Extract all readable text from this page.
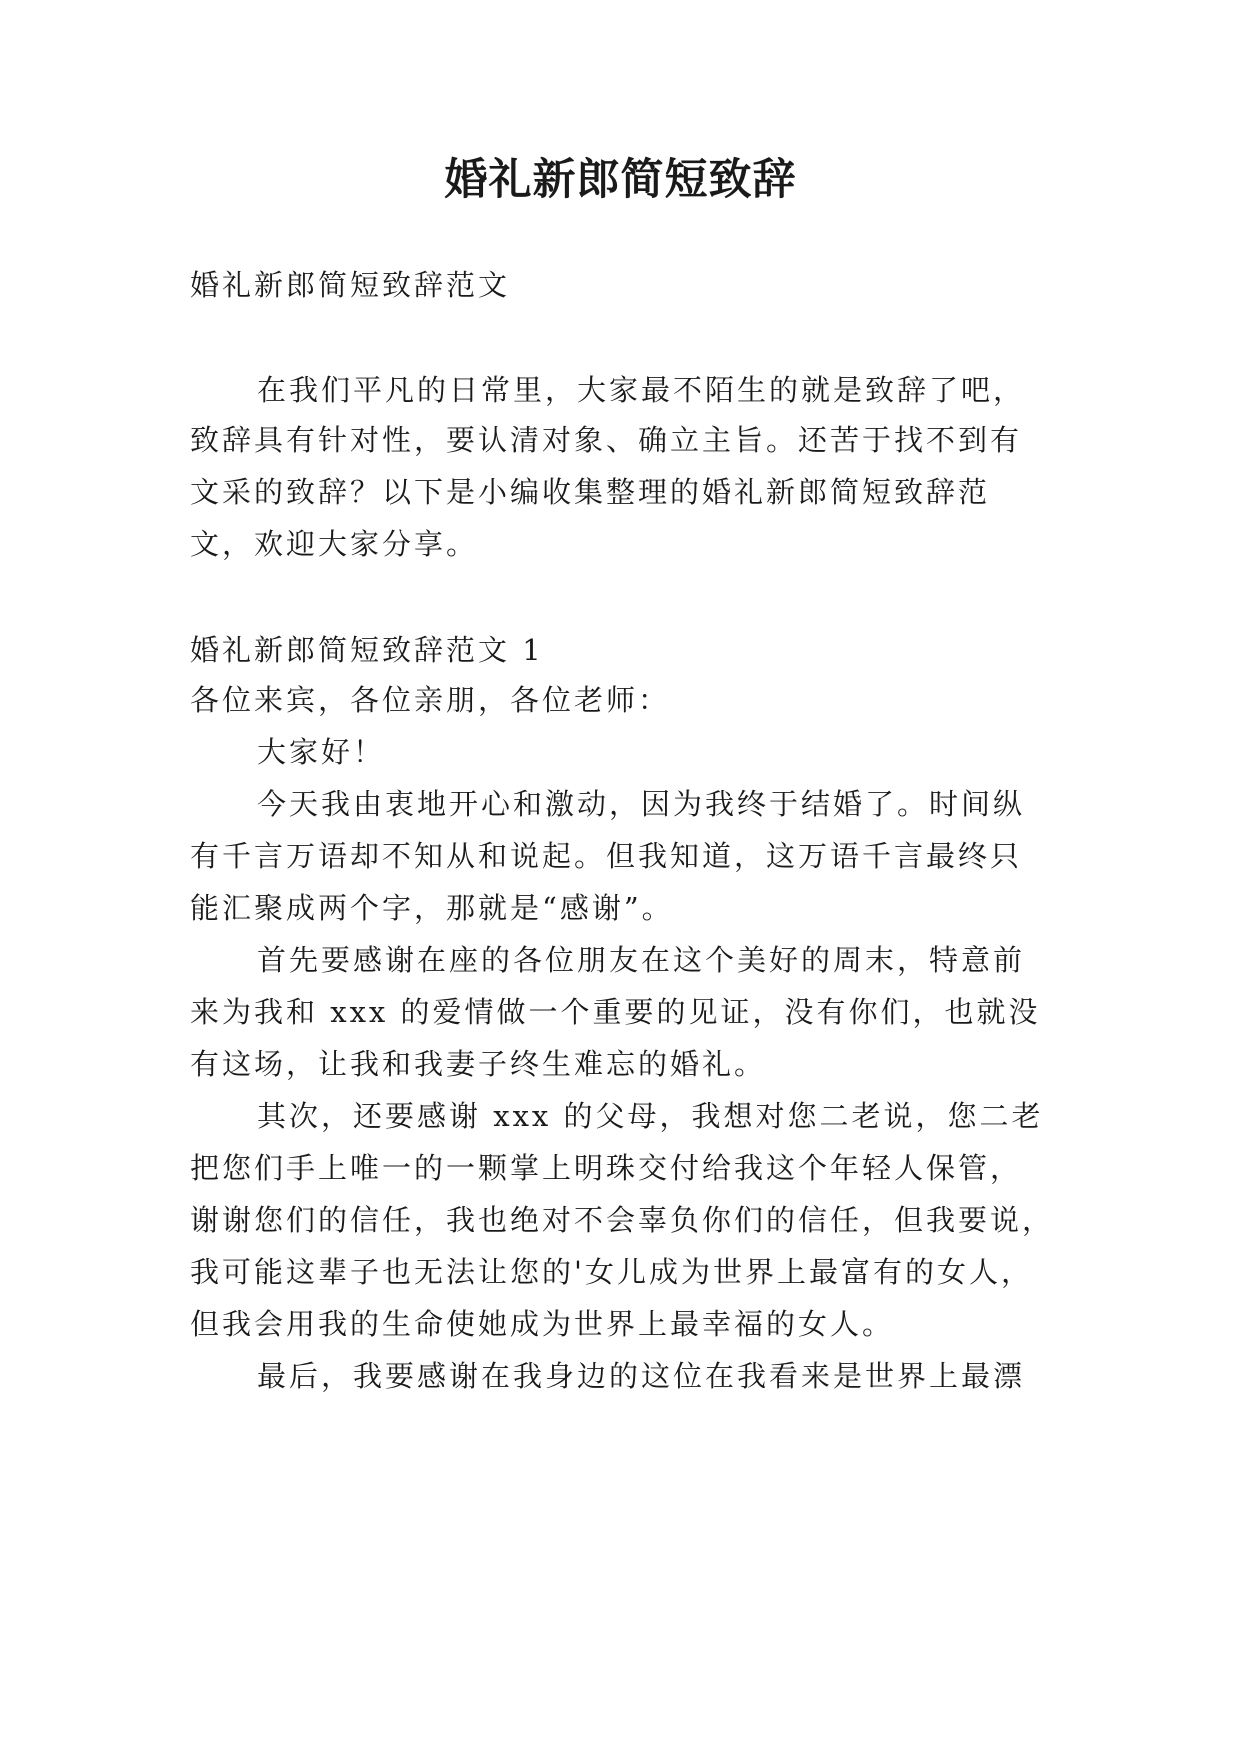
婚礼新郎简短致辞
婚礼新郎简短致辞范文
在我们平凡的日常里，大家最不陌生的就是致辞了吧，
致辞具有针对性，要认清对象、确立主旨。还苦于找不到有
文采的致辞？以下是小编收集整理的婚礼新郎简短致辞范
文，欢迎大家分享。
婚礼新郎简短致辞范文 1
各位来宾，各位亲朋，各位老师：
大家好！
今天我由衷地开心和激动，因为我终于结婚了。时间纵
有千言万语却不知从和说起。但我知道，这万语千言最终只
能汇聚成两个字，那就是“感谢”。
首先要感谢在座的各位朋友在这个美好的周末，特意前
来为我和 xxx 的爱情做一个重要的见证，没有你们，也就没
有这场，让我和我妻子终生难忘的婚礼。
其次，还要感谢 xxx 的父母，我想对您二老说，您二老
把您们手上唯一的一颗掌上明珠交付给我这个年轻人保管，
谢谢您们的信任，我也绝对不会辜负你们的信任，但我要说，
我可能这辈子也无法让您的'女儿成为世界上最富有的女人，
但我会用我的生命使她成为世界上最幸福的女人。
最后，我要感谢在我身边的这位在我看来是世界上最漂
